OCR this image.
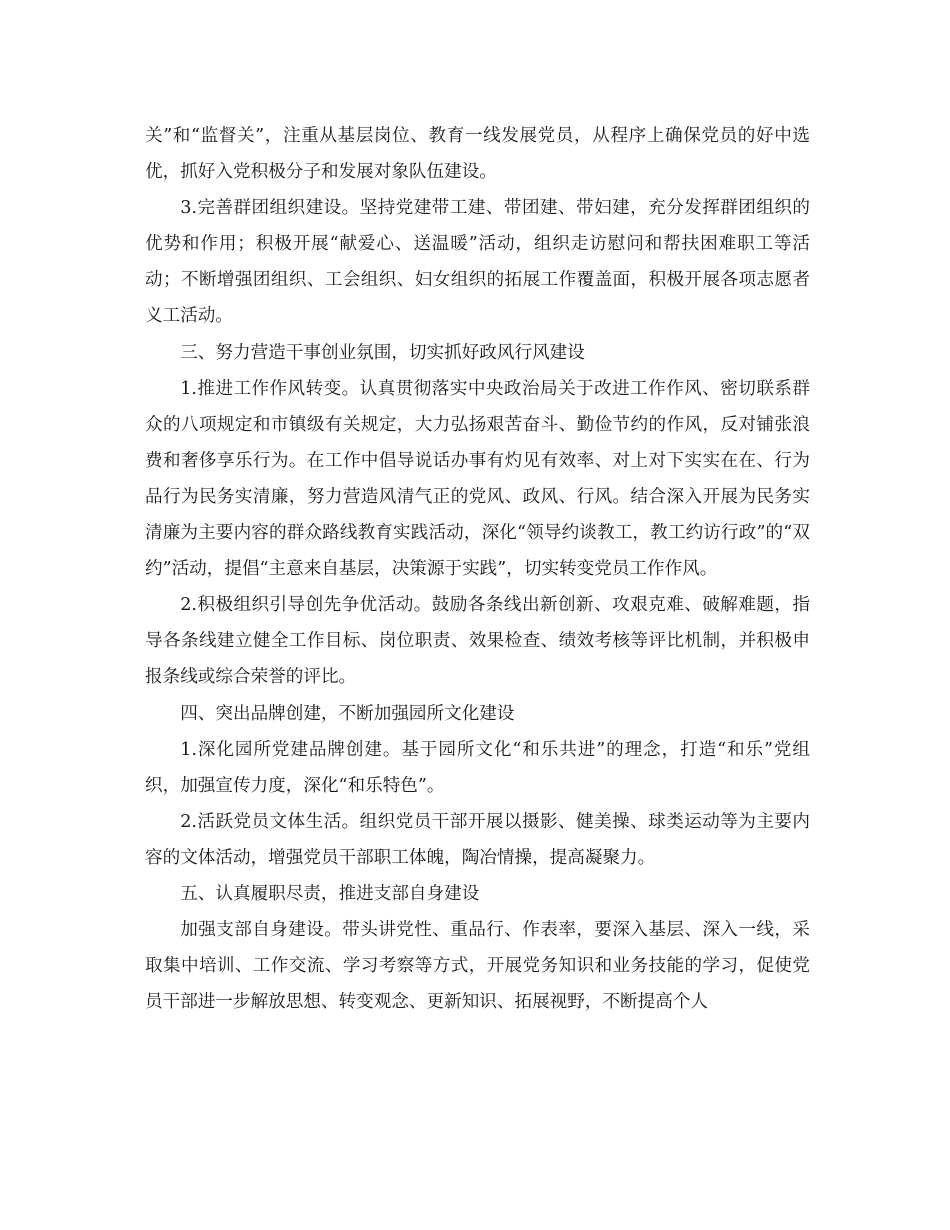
关”和“监督关”，注重从基层岗位、教育一线发展党员，从程序上确保党员的好中选优，抓好入党积极分子和发展对象队伍建设。

3.完善群团组织建设。坚持党建带工建、带团建、带妇建，充分发挥群团组织的优势和作用；积极开展“献爱心、送温暖”活动，组织走访慰问和帮扶困难职工等活动；不断增强团组织、工会组织、妇女组织的拓展工作覆盖面，积极开展各项志愿者义工活动。

三、努力营造干事创业氛围，切实抓好政风行风建设

1.推进工作作风转变。认真贯彻落实中央政治局关于改进工作作风、密切联系群众的八项规定和市镇级有关规定，大力弘扬艰苦奋斗、勤俭节约的作风，反对铺张浪费和奢侈享乐行为。在工作中倡导说话办事有灼见有效率、对上对下实实在在、行为品行为民务实清廉，努力营造风清气正的党风、政风、行风。结合深入开展为民务实清廉为主要内容的群众路线教育实践活动，深化“领导约谈教工，教工约访行政”的“双约”活动，提倡“主意来自基层，决策源于实践”，切实转变党员工作作风。

2.积极组织引导创先争优活动。鼓励各条线出新创新、攻艰克难、破解难题，指导各条线建立健全工作目标、岗位职责、效果检查、绩效考核等评比机制，并积极申报条线或综合荣誉的评比。

四、突出品牌创建，不断加强园所文化建设

1.深化园所党建品牌创建。基于园所文化“和乐共进”的理念，打造“和乐”党组织，加强宣传力度，深化“和乐特色”。

2.活跃党员文体生活。组织党员干部开展以摄影、健美操、球类运动等为主要内容的文体活动，增强党员干部职工体魄，陶冶情操，提高凝聚力。

五、认真履职尽责，推进支部自身建设

加强支部自身建设。带头讲党性、重品行、作表率，要深入基层、深入一线，采取集中培训、工作交流、学习考察等方式，开展党务知识和业务技能的学习，促使党员干部进一步解放思想、转变观念、更新知识、拓展视野，不断提高个人
